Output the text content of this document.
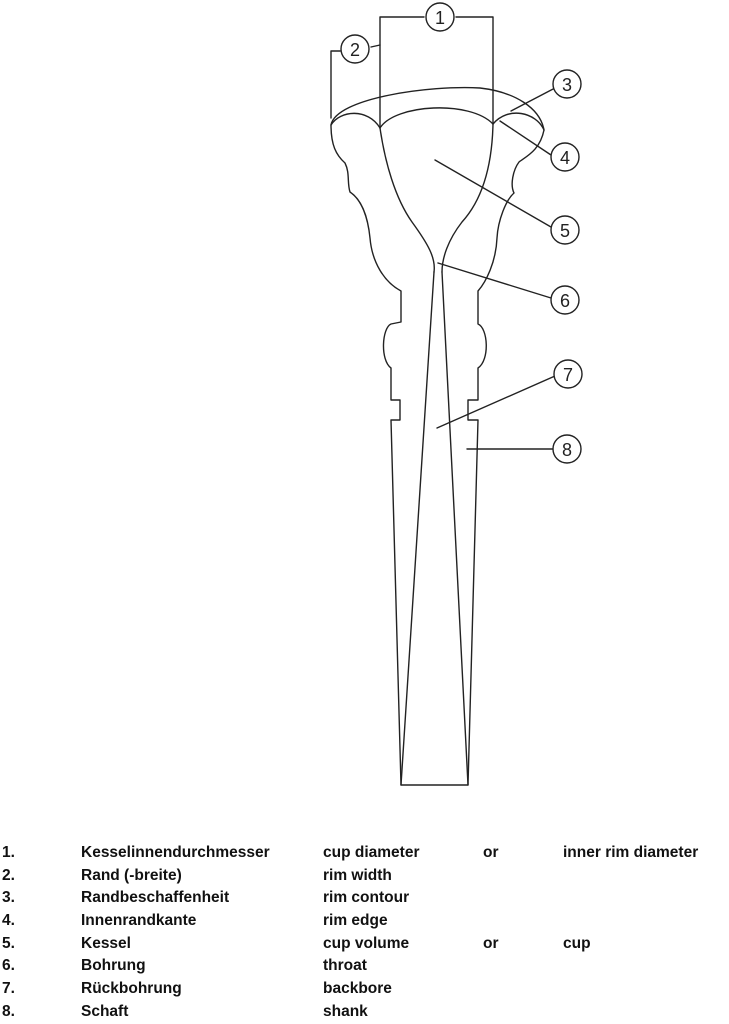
1
2
3
4
5
6
7
8
1.	Kesselinnendurchmesser	cup diameter	or	inner rim diameter
2.	Rand (-breite)	rim width
3.	Randbeschaffenheit	rim contour
4.	Innenrandkante	rim edge
5.	Kessel	cup volume	or	cup
6.	Bohrung	throat
7.	Rückbohrung	backbore
8.	Schaft	shank
